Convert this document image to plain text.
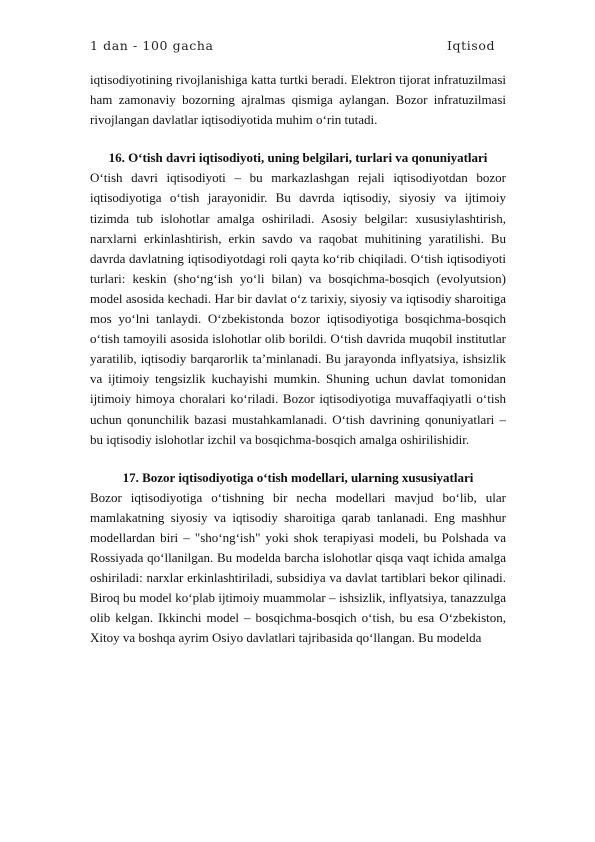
1 dan - 100 gacha	Iqtisod

iqtisodiyotining rivojlanishiga katta turtki beradi. Elektron tijorat infratuzilmasi ham zamonaviy bozorning ajralmas qismiga aylangan. Bozor infratuzilmasi rivojlangan davlatlar iqtisodiyotida muhim o‘rin tutadi.

16. O‘tish davri iqtisodiyoti, uning belgilari, turlari va qonuniyatlari

O‘tish davri iqtisodiyoti – bu markazlashgan rejali iqtisodiyotdan bozor iqtisodiyotiga o‘tish jarayonidir. Bu davrda iqtisodiy, siyosiy va ijtimoiy tizimda tub islohotlar amalga oshiriladi. Asosiy belgilar: xususiylashtirish, narxlarni erkinlashtirish, erkin savdo va raqobat muhitining yaratilishi. Bu davrda davlatning iqtisodiyotdagi roli qayta ko‘rib chiqiladi. O‘tish iqtisodiyoti turlari: keskin (sho‘ng‘ish yo‘li bilan) va bosqichma-bosqich (evolyutsion) model asosida kechadi. Har bir davlat o‘z tarixiy, siyosiy va iqtisodiy sharoitiga mos yo‘lni tanlaydi. O‘zbekistonda bozor iqtisodiyotiga bosqichma-bosqich o‘tish tamoyili asosida islohotlar olib borildi. O‘tish davrida muqobil institutlar yaratilib, iqtisodiy barqarorlik ta’minlanadi. Bu jarayonda inflyatsiya, ishsizlik va ijtimoiy tengsizlik kuchayishi mumkin. Shuning uchun davlat tomonidan ijtimoiy himoya choralari ko‘riladi. Bozor iqtisodiyotiga muvaffaqiyatli o‘tish uchun qonunchilik bazasi mustahkamlanadi. O‘tish davrining qonuniyatlari – bu iqtisodiy islohotlar izchil va bosqichma-bosqich amalga oshirilishidir.

17. Bozor iqtisodiyotiga o‘tish modellari, ularning xususiyatlari

Bozor iqtisodiyotiga o‘tishning bir necha modellari mavjud bo‘lib, ular mamlakatning siyosiy va iqtisodiy sharoitiga qarab tanlanadi. Eng mashhur modellardan biri – "sho‘ng‘ish" yoki shok terapiyasi modeli, bu Polshada va Rossiyada qo‘llanilgan. Bu modelda barcha islohotlar qisqa vaqt ichida amalga oshiriladi: narxlar erkinlashtiriladi, subsidiya va davlat tartiblari bekor qilinadi. Biroq bu model ko‘plab ijtimoiy muammolar – ishsizlik, inflyatsiya, tanazzulga olib kelgan. Ikkinchi model – bosqichma-bosqich o‘tish, bu esa O‘zbekiston, Xitoy va boshqa ayrim Osiyo davlatlari tajribasida qo‘llangan. Bu modelda
